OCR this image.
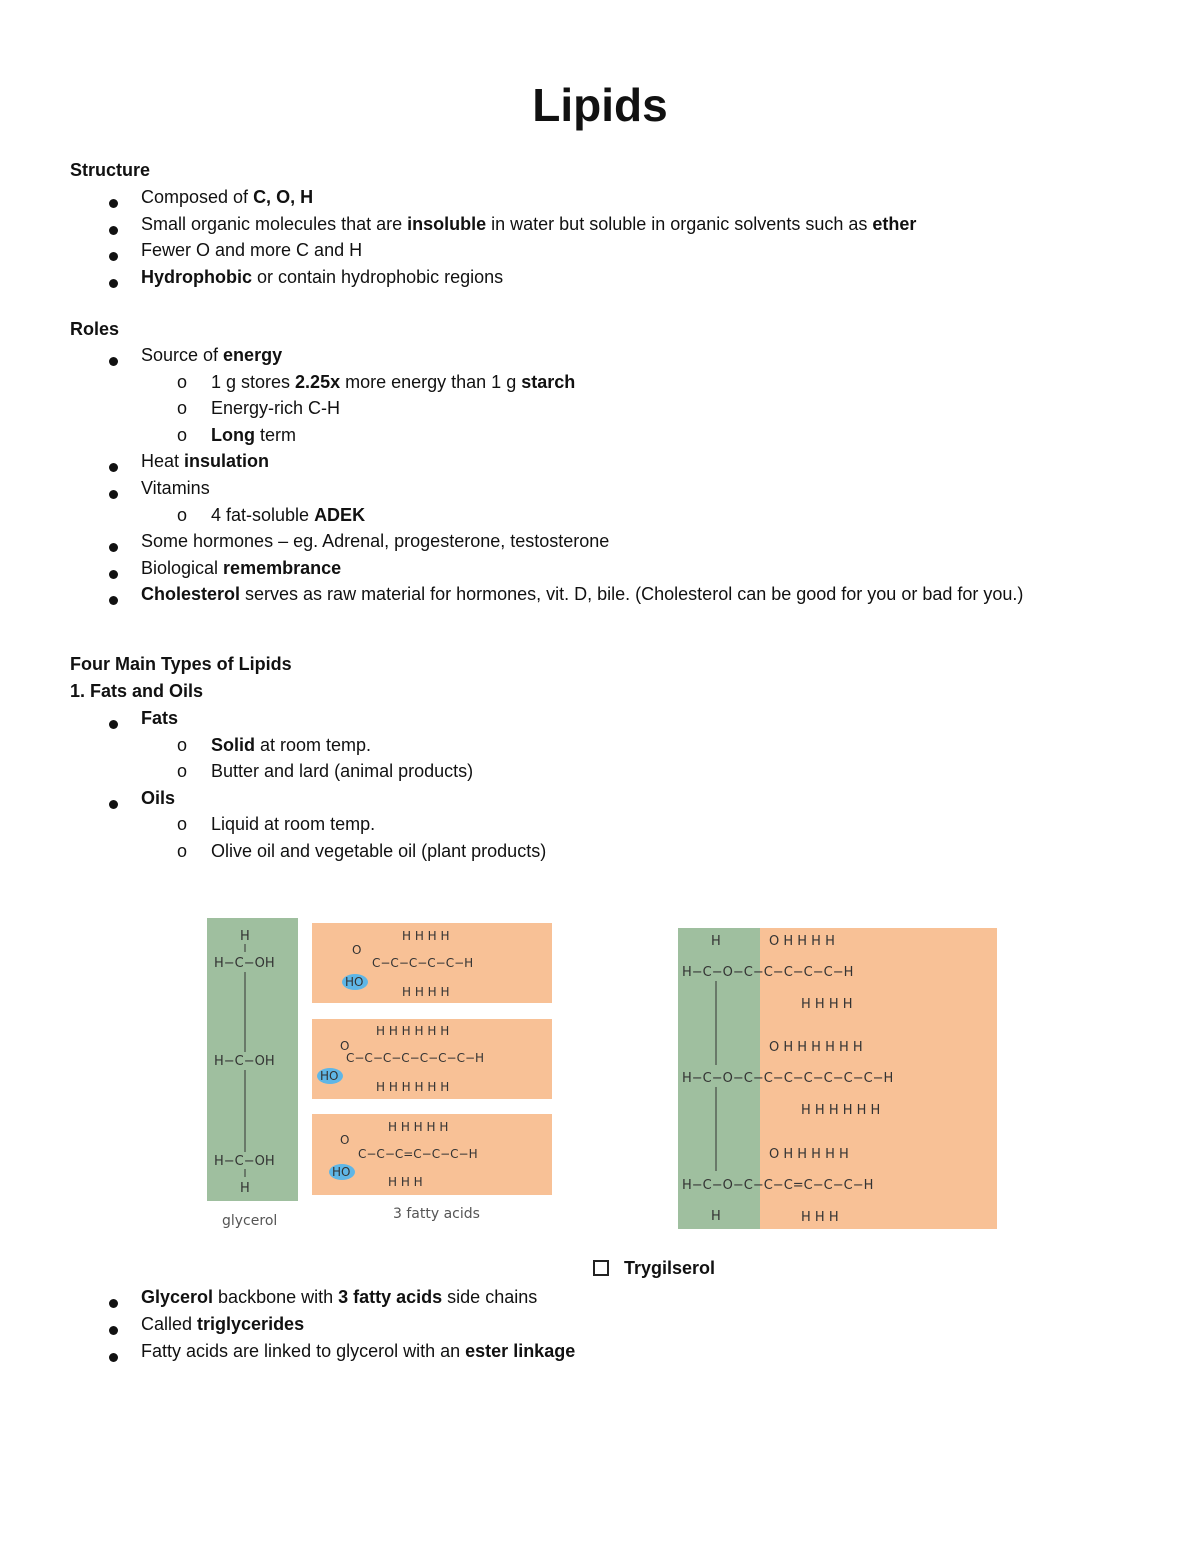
Lipids
Structure
Composed of C, O, H
Small organic molecules that are insoluble in water but soluble in organic solvents such as ether
Fewer O and more C and H
Hydrophobic or contain hydrophobic regions
Roles
Source of energy
o 1 g stores 2.25x more energy than 1 g starch
o Energy-rich C-H
o Long term
Heat insulation
Vitamins
o 4 fat-soluble ADEK
Some hormones – eg. Adrenal, progesterone, testosterone
Biological remembrance
Cholesterol serves as raw material for hormones, vit. D, bile. (Cholesterol can be good for you or bad for you.)
Four Main Types of Lipids
1. Fats and Oils
Fats
o Solid at room temp.
o Butter and lard (animal products)
Oils
o Liquid at room temp.
o Olive oil and vegetable oil (plant products)
H
H−C−OH
H−C−OH
H−C−OH
H
H H H H
O
C−C−C−C−C−H
H H H H
HO
H H H H H H
O
C−C−C−C−C−C−C−H
H H H H H H
HO
H H H H H
O
C−C−C=C−C−C−H
H H H
HO
glycerol	3 fatty acids
H	O H H H H
H−C−O−C−C−C−C−C−H
H H H H
O H H H H H H
H−C−O−C−C−C−C−C−C−C−H
H H H H H H
O H H H H H
H−C−O−C−C−C=C−C−C−H
H	H H H
Trygilserol
Glycerol backbone with 3 fatty acids side chains
Called triglycerides
Fatty acids are linked to glycerol with an ester linkage
